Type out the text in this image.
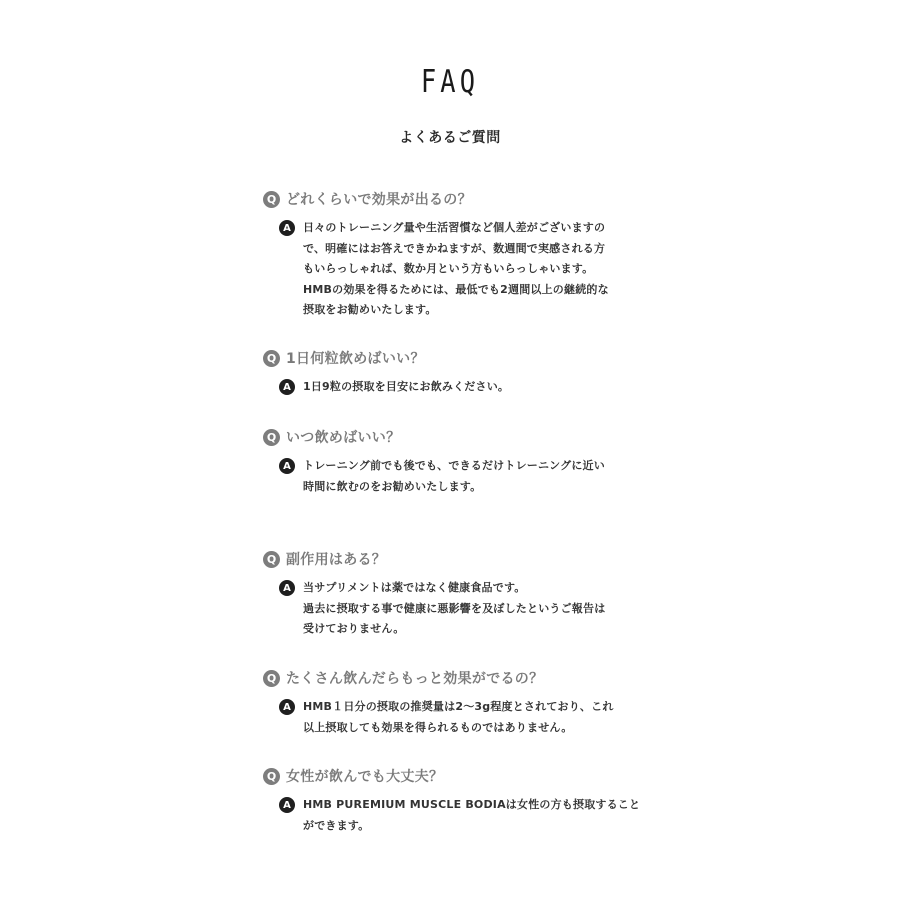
FAQ
よくあるご質問
Q どれくらいで効果が出るの？
A	日々のトレーニング量や生活習慣など個人差がございますの
で、明確にはお答えできかねますが、数週間で実感される方
もいらっしゃれば、数か月という方もいらっしゃいます。
HMBの効果を得るためには、最低でも2週間以上の継続的な
摂取をお勧めいたします。
Q 1日何粒飲めばいい？
A	1日9粒の摂取を目安にお飲みください。
Q いつ飲めばいい？
A	トレーニング前でも後でも、できるだけトレーニングに近い
時間に飲むのをお勧めいたします。
Q 副作用はある？
A	当サプリメントは薬ではなく健康食品です。
過去に摂取する事で健康に悪影響を及ぼしたというご報告は
受けておりません。
Q たくさん飲んだらもっと効果がでるの？
A	HMB１日分の摂取の推奨量は2〜3g程度とされており、これ
以上摂取しても効果を得られるものではありません。
Q 女性が飲んでも大丈夫？
A	HMB PUREMIUM MUSCLE BODIAは女性の方も摂取すること
ができます。
